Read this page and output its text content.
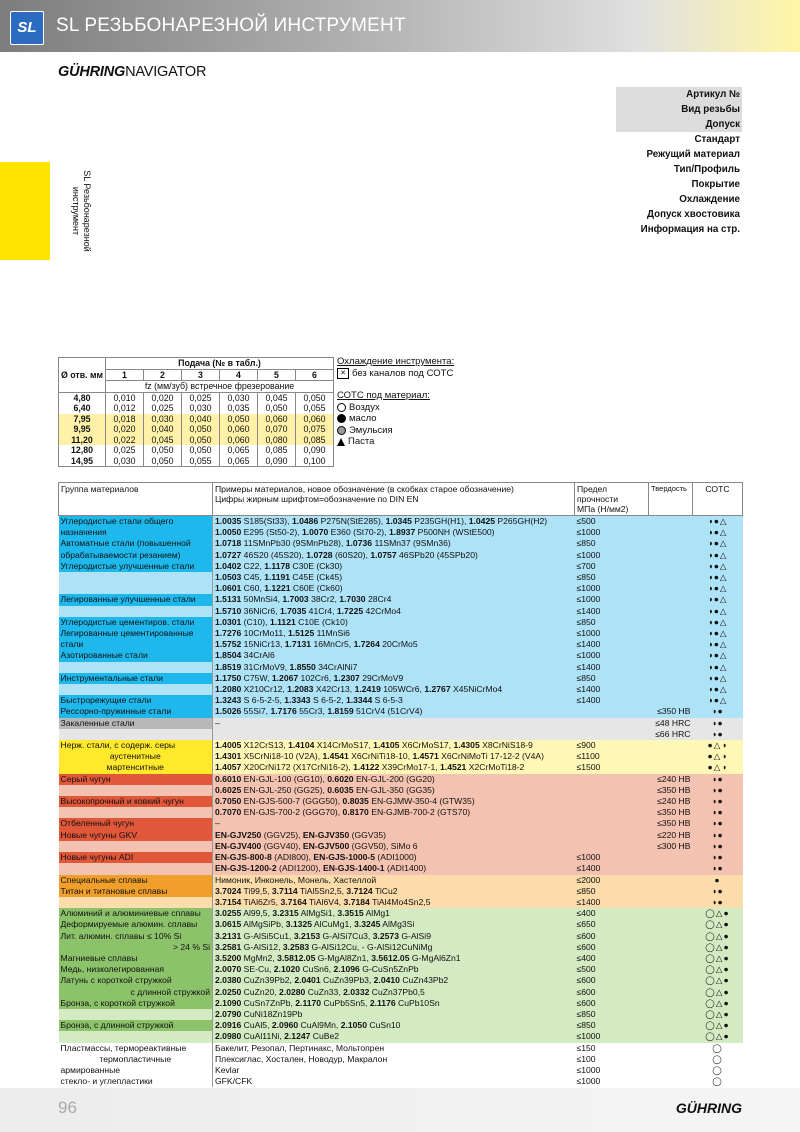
SL	SL РЕЗЬБОНАРЕЗНОЙ ИНСТРУМЕНТ
GÜHRINGNAVIGATOR
SL Резьбонарезной инструмент
Артикул №
Вид резьбы
Допуск
Стандарт
Режущий материал
Тип/Профиль
Покрытие
Охлаждение
Допуск хвостовика
Информация на стр.
Ø отв. мм	Подача (№ в табл.)					
	1	2	3	4	5	6
	fz (мм/зуб) встречное фрезерование					
4,80	0,010	0,020	0,025	0,030	0,045	0,050
6,40	0,012	0,025	0,030	0,035	0,050	0,055
7,95	0,018	0,030	0,040	0,050	0,060	0,060
9,95	0,020	0,040	0,050	0,060	0,070	0,075
11,20	0,022	0,045	0,050	0,060	0,080	0,085
12,80	0,025	0,050	0,050	0,065	0,085	0,090
14,95	0,030	0,050	0,055	0,065	0,090	0,100
Охлаждение инструмента:
✕ без каналов под СОТС
СОТС под материал:
Воздух
масло
Эмульсия
Паста
Группа материалов	Примеры материалов, новое обозначение (в скобках старое обозначение)
Цифры жирным шрифтом=обозначение по DIN EN	Предел прочности
МПа (Н/мм2)	Твердость	СОТС
Углеродистые стали общего	1.0035 S185(St33), 1.0486 P275N(StE285), 1.0345 P235GH(H1), 1.0425 P265GH(H2)	≤500		◑●△
назначения	1.0050 E295 (St50-2), 1.0070 E360 (St70-2), 1.8937 P500NH (WStE500)	≤1000		◑●△
Автоматные стали (повышенной	1.0718 11SMnPb30 (9SMnPb28), 1.0736 11SMn37 (9SMn36)	≤850		◑●△
обрабатываемости резанием)	1.0727 46S20 (45S20), 1.0728 (60S20), 1.0757 46SPb20 (45SPb20)	≤1000		◑●△
Углеродистые улучшенные стали	1.0402 C22, 1.1178 C30E (Ck30)	≤700		◑●△
	1.0503 C45, 1.1191 C45E (Ck45)	≤850		◑●△
	1.0601 C60, 1.1221 C60E (Ck60)	≤1000		◑●△
Легированные улучшенные стали	1.5131 50MnSi4, 1.7003 38Cr2, 1.7030 28Cr4	≤1000		◑●△
	1.5710 36NiCr6, 1.7035 41Cr4, 1.7225 42CrMo4	≤1400		◑●△
Углеродистые цементиров. стали	1.0301 (C10), 1.1121 C10E (Ck10)	≤850		◑●△
Легированные цементированные	1.7276 10CrMo11, 1.5125 11MnSi6	≤1000		◑●△
стали	1.5752 15NiCr13, 1.7131 16MnCr5, 1.7264 20CrMo5	≤1400		◑●△
Азотированные стали	1.8504 34CrAl6	≤1000		◑●△
	1.8519 31CrMoV9, 1.8550 34CrAlNi7	≤1400		◑●△
Инструментальные стали	1.1750 C75W, 1.2067 102Cr6, 1.2307 29CrMoV9	≤850		◑●△
	1.2080 X210Cr12, 1.2083 X42Cr13, 1.2419 105WCr6, 1.2767 X45NiCrMo4	≤1400		◑●△
Быстрорежущие стали	1.3243 S 6-5-2-5, 1.3343 S 6-5-2, 1.3344 S 6-5-3	≤1400		◑●△
Рессорно-пружинные стали	1.5026 55Si7, 1.7176 55Cr3, 1.8159 51CrV4 (51CrV4)		≤350 HB	◑●
Закаленные стали	–		≤48 HRC	◑●
			≤66 HRC	◑●
Нерж. стали, с содерж. серы	1.4005 X12CrS13, 1.4104 X14CrMoS17, 1.4105 X6CrMoS17, 1.4305 X8CrNiS18-9	≤900		●△◑
аустенитные	1.4301 X5CrNi18-10 (V2A), 1.4541 X6CrNiTi18-10, 1.4571 X6CrNiMoTi 17-12-2 (V4A)	≤1100		●△◑
мартенситные	1.4057 X20CrNi172 (X17CrNi16-2), 1.4122 X39CrMo17-1, 1.4521 X2CrMoTi18-2	≤1500		●△◑
Серый чугун	0.6010 EN-GJL-100 (GG10), 0.6020 EN-GJL-200 (GG20)		≤240 HB	◑●
	0.6025 EN-GJL-250 (GG25), 0.6035 EN-GJL-350 (GG35)		≤350 HB	◑●
Высокопрочный и ковкий чугун	0.7050 EN-GJS-500-7 (GGG50), 0.8035 EN-GJMW-350-4 (GTW35)		≤240 HB	◑●
	0.7070 EN-GJS-700-2 (GGG70), 0.8170 EN-GJMB-700-2 (GTS70)		≤350 HB	◑●
Отбеленный чугун	–		≤350 HB	◑●
Новые чугуны GKV	EN-GJV250 (GGV25), EN-GJV350 (GGV35)		≤220 HB	◑●
	EN-GJV400 (GGV40), EN-GJV500 (GGV50), SiMo 6		≤300 HB	◑●
Новые чугуны ADI	EN-GJS-800-8 (ADI800), EN-GJS-1000-5 (ADI1000)	≤1000		◑●
	EN-GJS-1200-2 (ADI1200), EN-GJS-1400-1 (ADI1400)	≤1400		◑●
Специальные сплавы	Нимоник, Инконель, Монель, Хастеллой	≤2000		●
Титан и титановые сплавы	3.7024 Ti99,5, 3.7114 TiAl5Sn2,5, 3.7124 TiCu2	≤850		◑●
	3.7154 TiAl6Zr5, 3.7164 TiAl6V4, 3.7184 TiAl4Mo4Sn2,5	≤1400		◑●
Алюминий и алюминиевые сплавы	3.0255 Al99,5, 3.2315 AlMgSi1, 3.3515 AlMg1	≤400		◯△●
Деформируемые алюмин. сплавы	3.0615 AlMgSiPb, 3.1325 AlCuMg1, 3.3245 AlMg3Si	≤650		◯△●
Лит. алюмин. сплавы ≤ 10% Si	3.2131 G-AlSi5Cu1, 3.2153 G-AlSi7Cu3, 3.2573 G-AlSi9	≤600		◯△●
> 24 % Si	3.2581 G-AlSi12, 3.2583 G-AlSi12Cu, - G-AlSi12CuNiMg	≤600		◯△●
Магниевые сплавы	3.5200 MgMn2, 3.5812.05 G-MgAl8Zn1, 3.5612.05 G-MgAl6Zn1	≤400		◯△●
Медь, низколегированная	2.0070 SE-Cu, 2.1020 CuSn6, 2.1096 G-CuSn5ZnPb	≤500		◯△●
Латунь с короткой стружкой	2.0380 CuZn39Pb2, 2.0401 CuZn39Pb3, 2.0410 CuZn43Pb2	≤600		◯△●
с длинной стружкой	2.0250 CuZn20, 2.0280 CuZn33, 2.0332 CuZn37Pb0,5	≤600		◯△●
Бронза, с короткой стружкой	2.1090 CuSn7ZnPb, 2.1170 CuPb5Sn5, 2.1176 CuPb10Sn	≤600		◯△●
	2.0790 CuNi18Zn19Pb	≤850		◯△●
Бронза, с длинной стружкой	2.0916 CuAl5, 2.0960 CuAl9Mn, 2.1050 CuSn10	≤850		◯△●
	2.0980 CuAl11Ni, 2.1247 CuBe2	≤1000		◯△●
Пластмассы, термореактивные	Бакелит, Резопал, Пертинакс, Мольтопрен	≤150		◯
термопластичные	Плексиглас, Хостален, Новодур, Макралон	≤100		◯
армированные	Kevlar	≤1000		◯
стекло- и углепластики	GFK/CFK	≤1000		◯
96	GÜHRING
